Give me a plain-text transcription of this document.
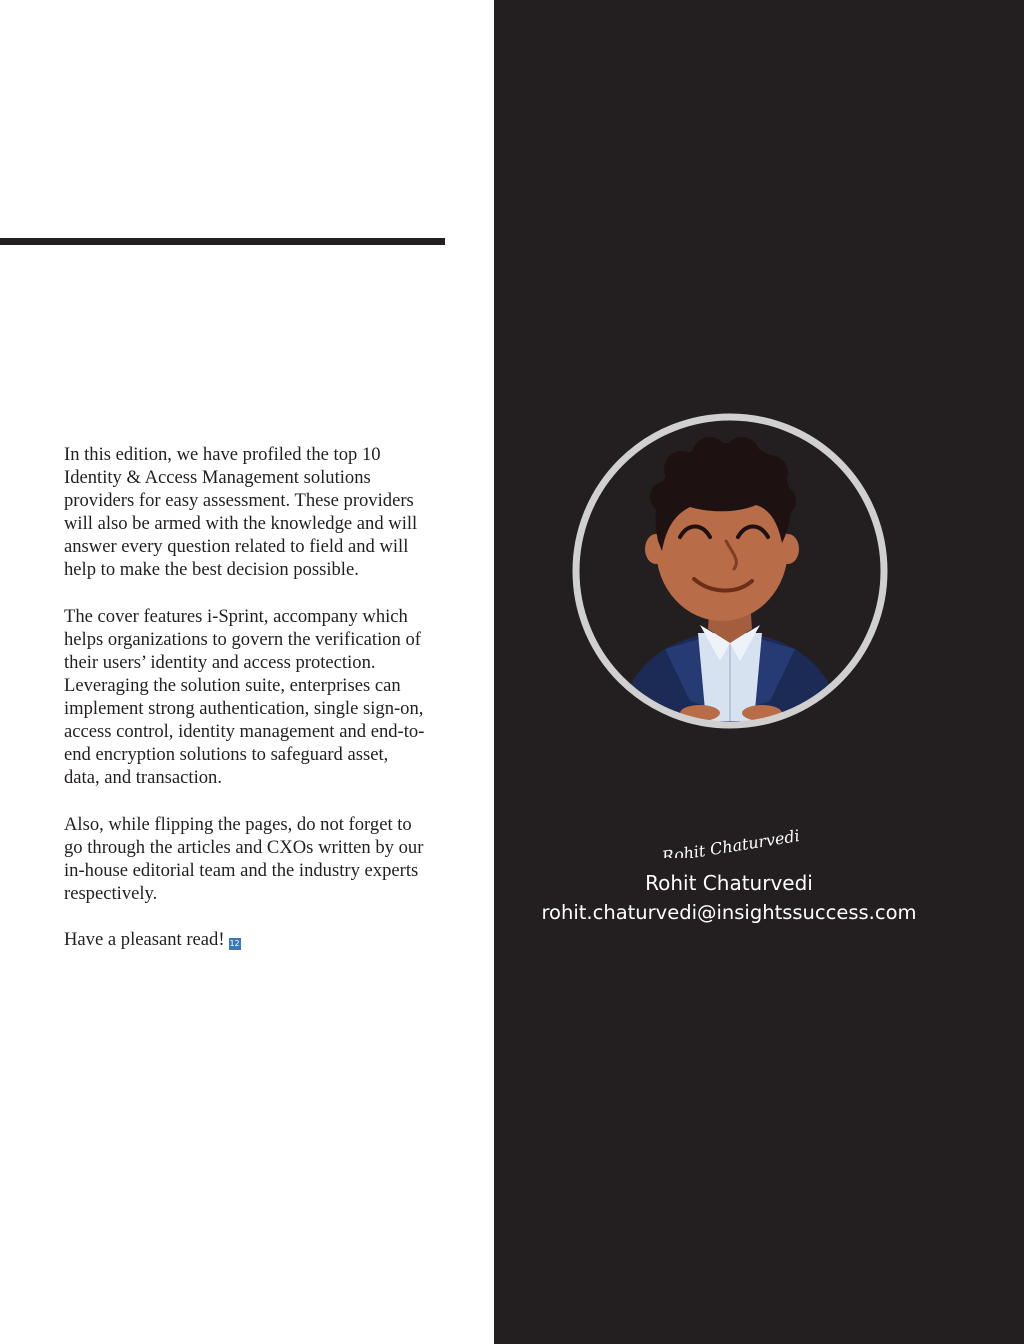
In this edition, we have profiled the top 10
Identity & Access Management solutions
providers for easy assessment. These providers
will also be armed with the knowledge and will
answer every question related to field and will
help to make the best decision possible.

The cover features i-Sprint, accompany which
helps organizations to govern the verification of
their users’ identity and access protection.
Leveraging the solution suite, enterprises can
implement strong authentication, single sign-on,
access control, identity management and end-to-
end encryption solutions to safeguard asset,
data, and transaction.

Also, while flipping the pages, do not forget to
go through the articles and CXOs written by our
in-house editorial team and the industry experts
respectively.

Have a pleasant read! 12

Rohit Chaturvedi
Rohit Chaturvedi
rohit.chaturvedi@insightssuccess.com
